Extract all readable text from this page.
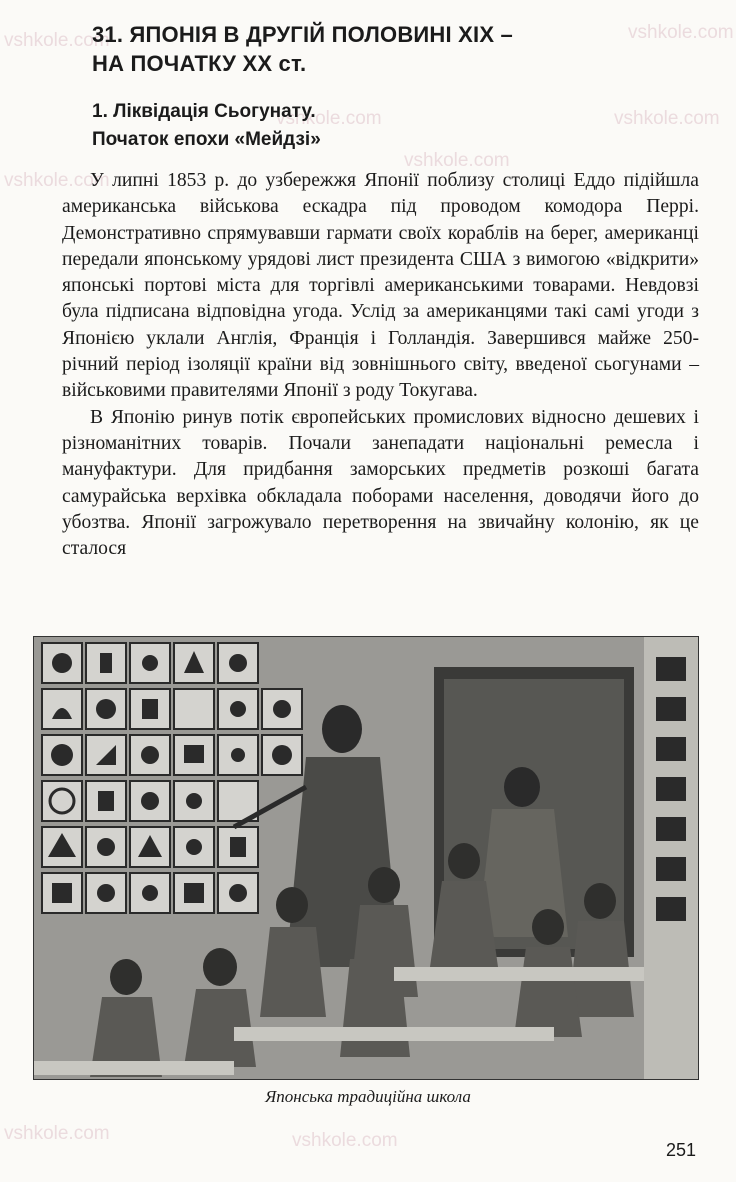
vshkole.com	vshkole.com
vshkole.com	vshkole.com
vshkole.com
vshkole.com
vshkole.com	vshkole.com
31. ЯПОНІЯ В ДРУГІЙ ПОЛОВИНІ XIX –
НА ПОЧАТКУ XX ст.
1. Ліквідація Сьогунату.
Початок епохи «Мейдзі»

У липні 1853 р. до узбережжя Японії поблизу столиці Еддо підійшла американська військова ескадра під проводом комодора Перрі. Демонстративно спрямувавши гармати своїх кораблів на берег, американці передали японському урядові лист президента США з вимогою «відкрити» японські портові міста для торгівлі американськими товарами. Невдовзі була підписана відповідна угода. Услід за американцями такі самі угоди з Японією уклали Англія, Франція і Голландія. Завершився майже 250-річний період ізоляції країни від зовнішнього світу, введеної сьогунами – військовими правителями Японії з роду Токугава.

В Японію ринув потік європейських промислових відносно дешевих і різноманітних товарів. Почали занепадати національні ремесла і мануфактури. Для придбання заморських предметів розкоші багата самурайська верхівка обкладала поборами населення, доводячи його до убозтва. Японії загрожувало перетворення на звичайну колонію, як це сталося

Японська традиційна школа
251
